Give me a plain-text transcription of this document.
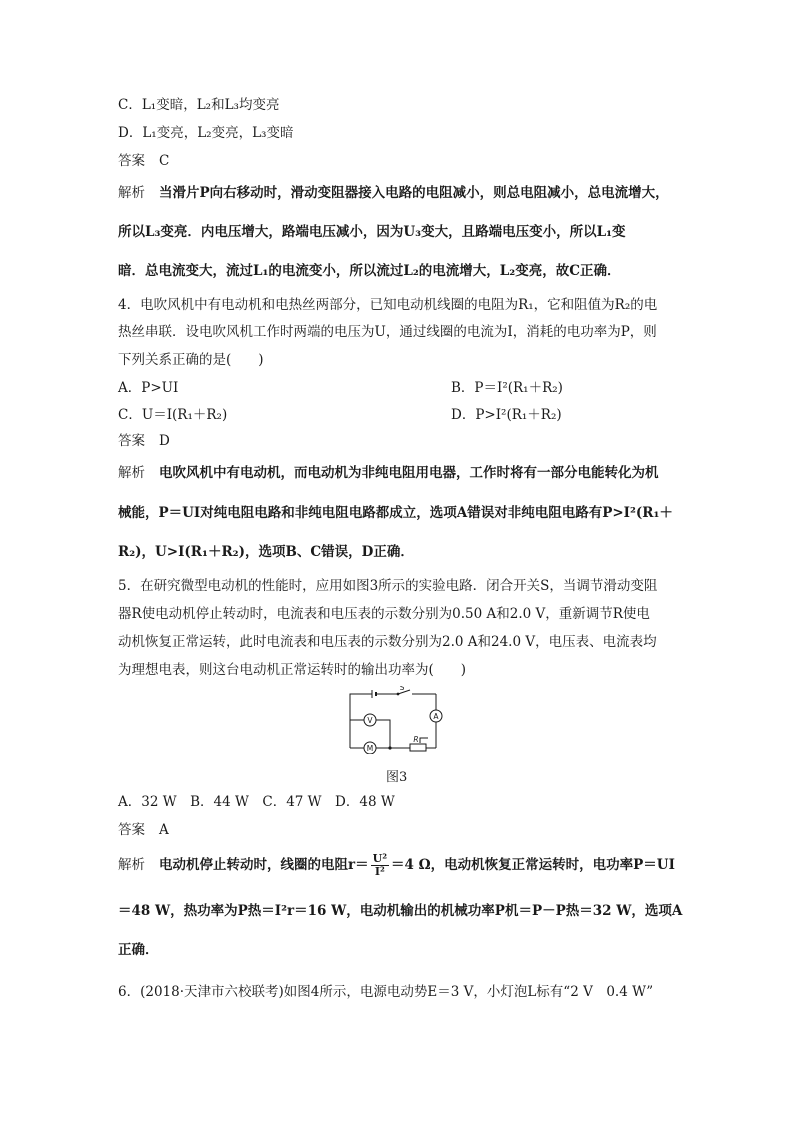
C．L₁变暗，L₂和L₃均变亮
D．L₁变亮，L₂变亮，L₃变暗
答案 C
解析 当滑片P向右移动时，滑动变阻器接入电路的电阻减小，则总电阻减小，总电流增大，
所以L₃变亮．内电压增大，路端电压减小，因为U₃变大，且路端电压变小，所以L₁变
暗．总电流变大，流过L₁的电流变小，所以流过L₂的电流增大，L₂变亮，故C正确．
4．电吹风机中有电动机和电热丝两部分，已知电动机线圈的电阻为R₁，它和阻值为R₂的电
热丝串联．设电吹风机工作时两端的电压为U，通过线圈的电流为I，消耗的电功率为P，则
下列关系正确的是(　　)
A．P>UI	B．P＝I²(R₁＋R₂)
C．U＝I(R₁＋R₂)	D．P>I²(R₁＋R₂)
答案 D
解析 电吹风机中有电动机，而电动机为非纯电阻用电器，工作时将有一部分电能转化为机
械能，P＝UI对纯电阻电路和非纯电阻电路都成立，选项A错误对非纯电阻电路有P>I²(R₁＋
R₂)，U>I(R₁＋R₂)，选项B、C错误，D正确．
5．在研究微型电动机的性能时，应用如图3所示的实验电路．闭合开关S，当调节滑动变阻
器R使电动机停止转动时，电流表和电压表的示数分别为0.50 A和2.0 V，重新调节R使电
动机恢复正常运转，此时电流表和电压表的示数分别为2.0 A和24.0 V，电压表、电流表均
为理想电表，则这台电动机正常运转时的输出功率为(　　)
S
A
V
M
R
图3
A．32 W　B．44 W　C．47 W　D．48 W
答案 A
解析 电动机停止转动时，线圈的电阻$r= \frac{\text{U²}}{\text{I²}} =4$ Ω，电动机恢复正常运转时，电功率P＝UI
＝48 W，热功率为P热＝I²r＝16 W，电动机输出的机械功率P机＝P－P热＝32 W，选项A
正确．
6．(2018·天津市六校联考)如图4所示，电源电动势E＝3 V，小灯泡L标有“2 V　0.4 W”
